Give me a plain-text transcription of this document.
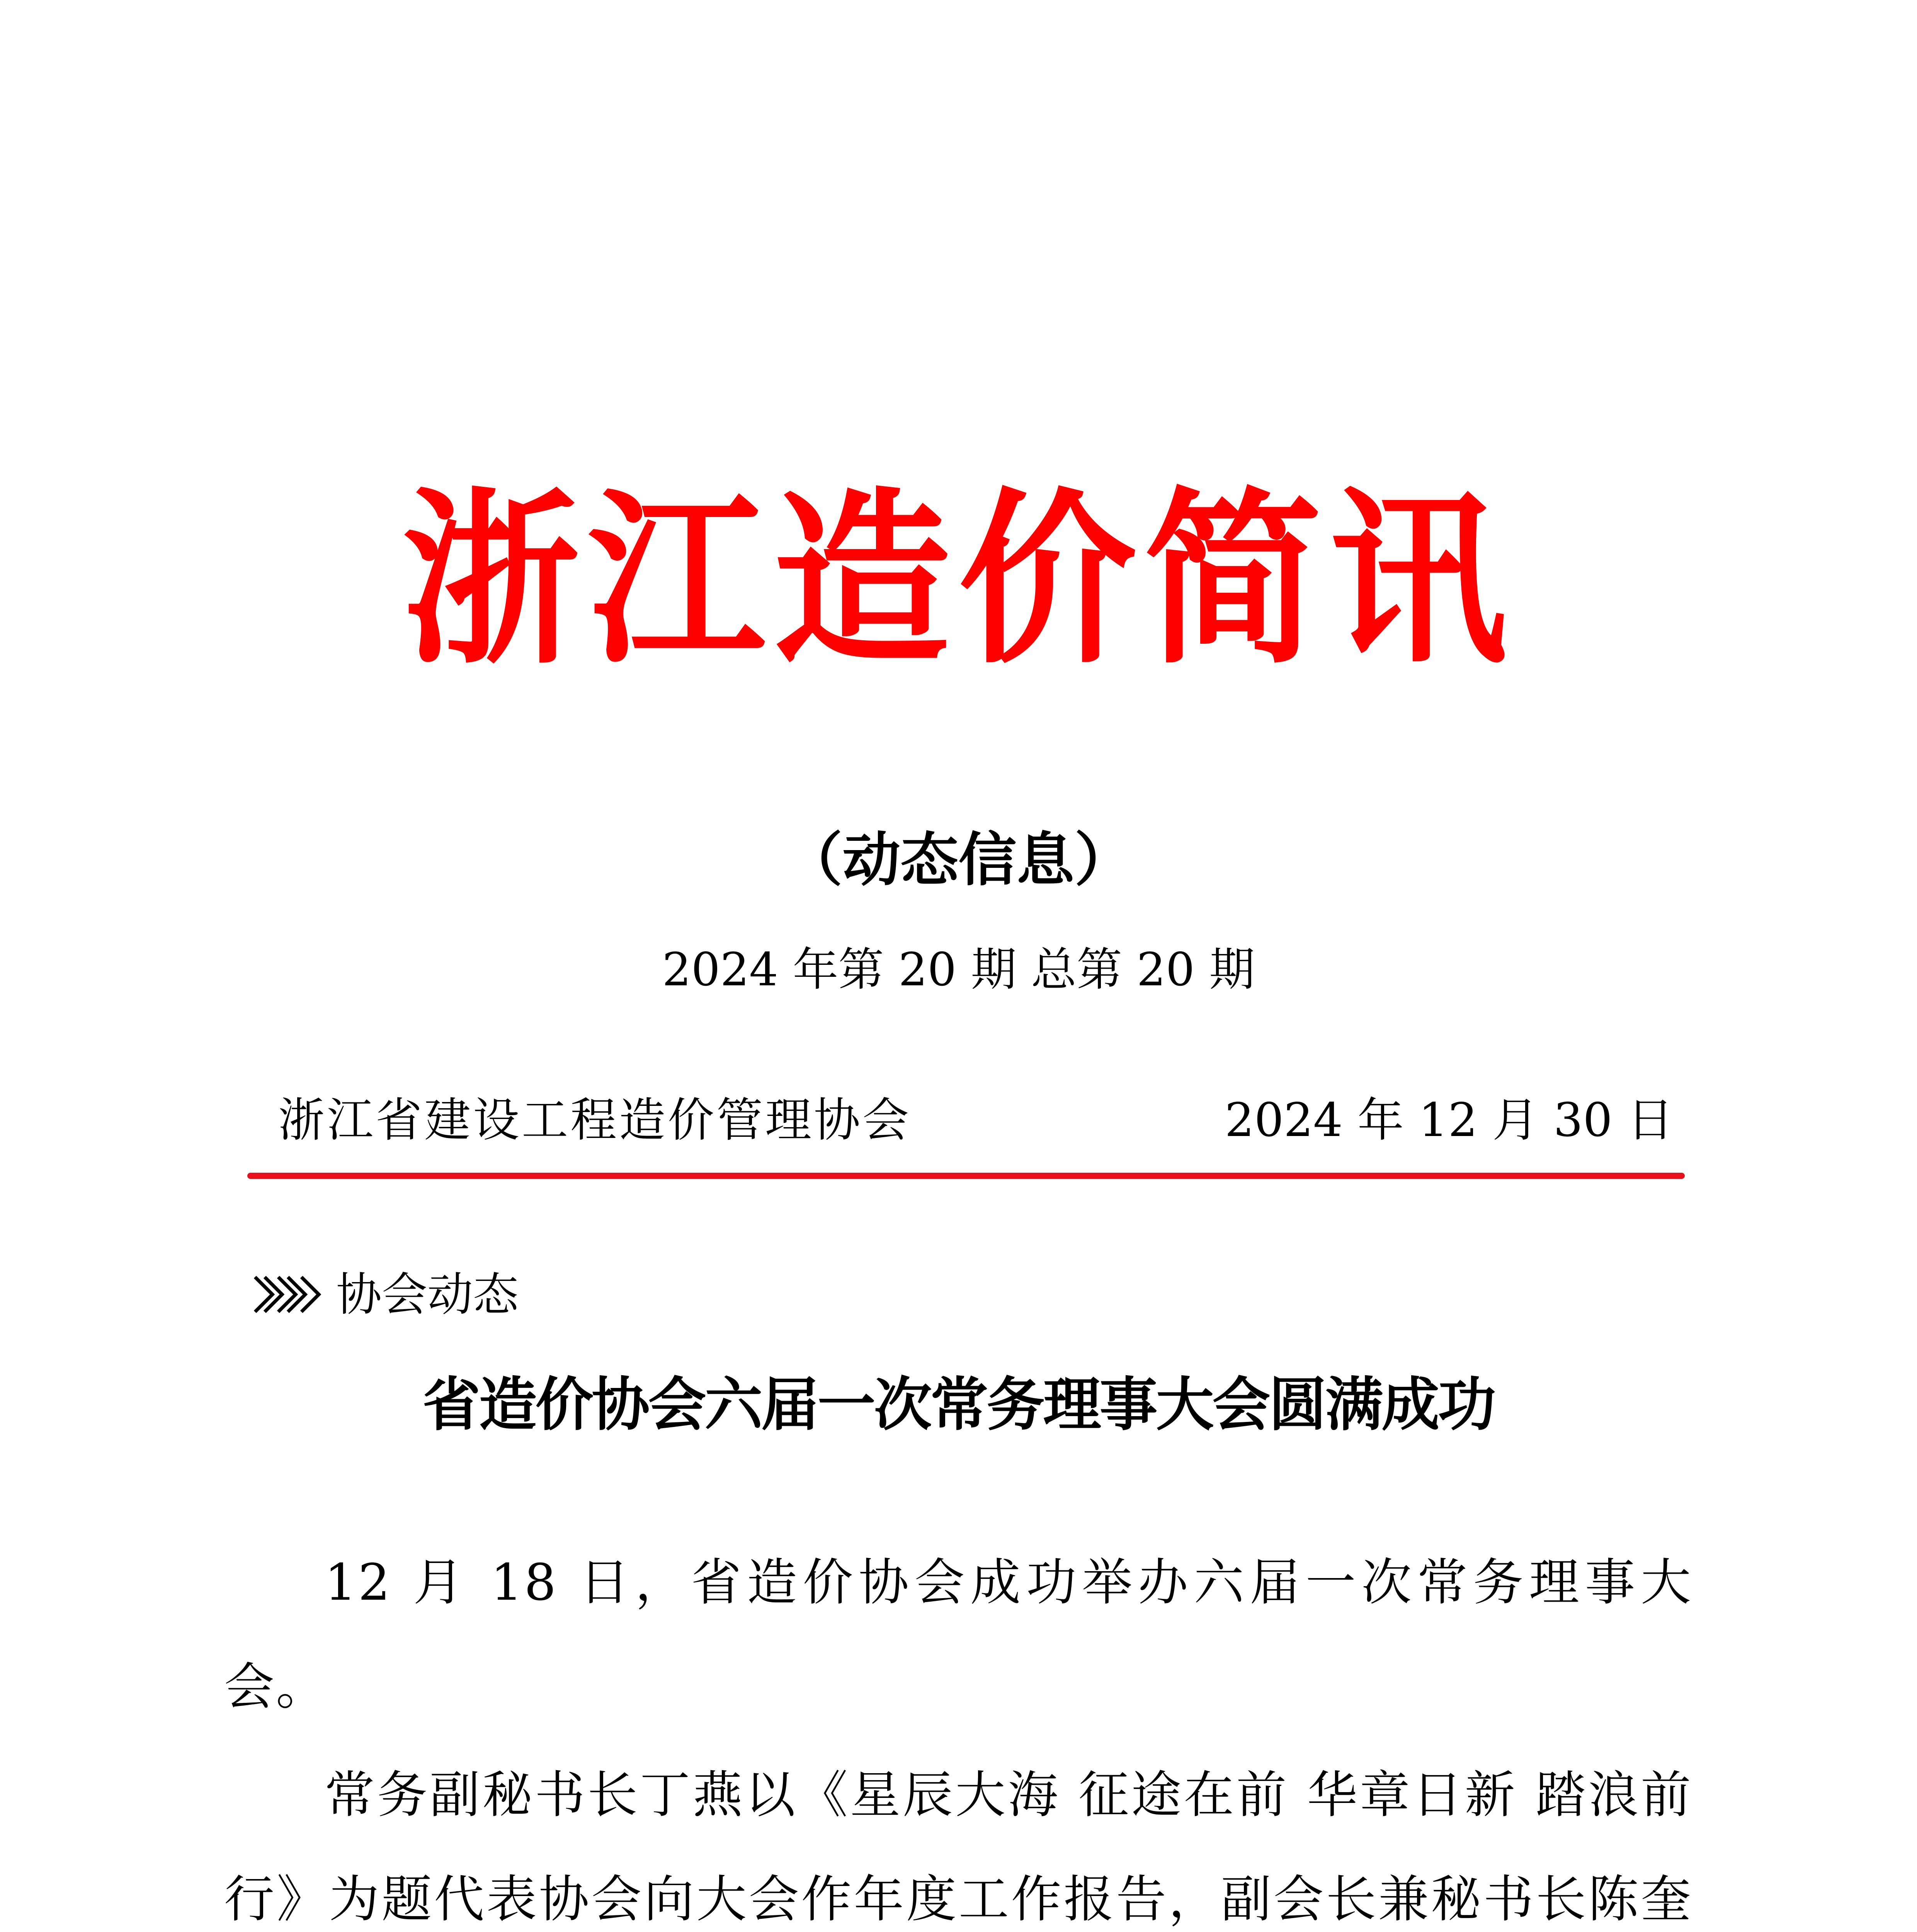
浙江造价简讯
（动态信息）
2024 年第 20 期 总第 20 期
浙江省建设工程造价管理协会	2024 年 12 月 30 日
协会动态
省造价协会六届一次常务理事大会圆满成功

12 月 18 日，省造价协会成功举办六届一次常务理事大会。

常务副秘书长丁燕以《星辰大海 征途在前 华章日新 踏浪前行》为题代表协会向大会作年度工作报告，副会长兼秘书长陈奎
